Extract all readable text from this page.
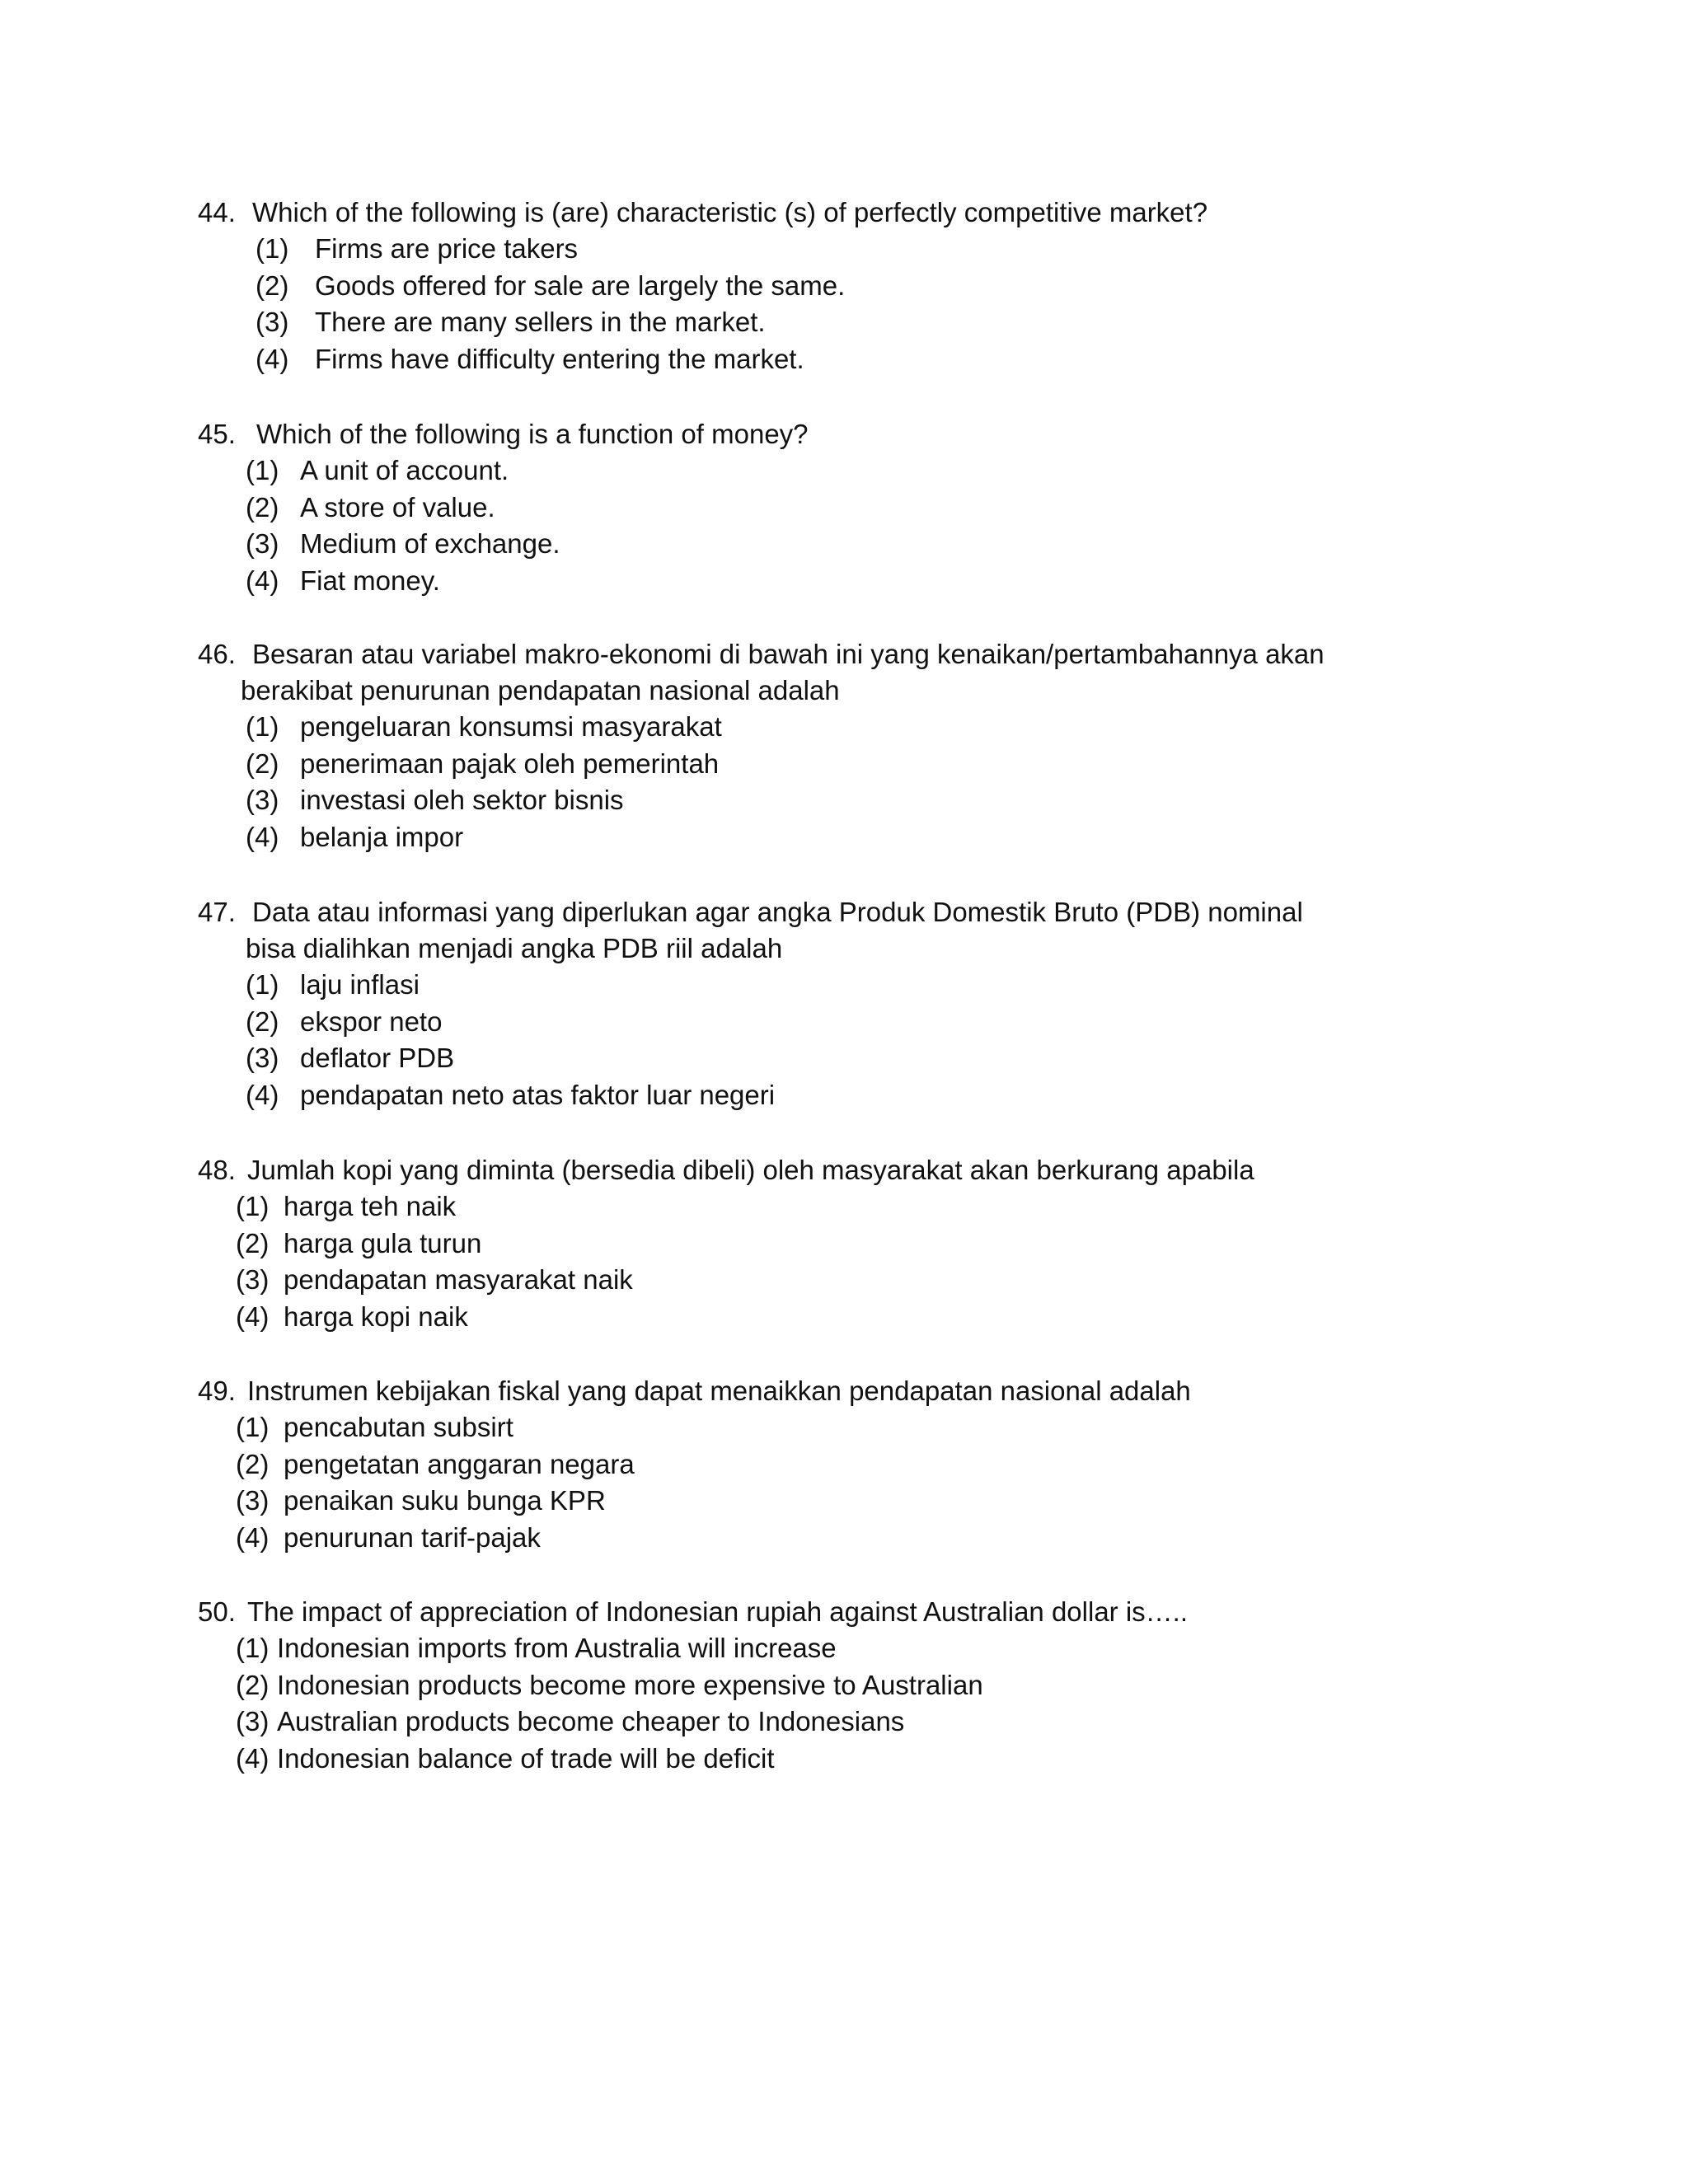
44. Which of the following is (are) characteristic (s) of perfectly competitive market?
(1) Firms are price takers
(2) Goods offered for sale are largely the same.
(3) There are many sellers in the market.
(4) Firms have difficulty entering the market.
45. Which of the following is a function of money?
(1) A unit of account.
(2) A store of value.
(3) Medium of exchange.
(4) Fiat money.
46. Besaran atau variabel makro-ekonomi di bawah ini yang kenaikan/pertambahannya akan
berakibat penurunan pendapatan nasional adalah
(1) pengeluaran konsumsi masyarakat
(2) penerimaan pajak oleh pemerintah
(3) investasi oleh sektor bisnis
(4) belanja impor
47. Data atau informasi yang diperlukan agar angka Produk Domestik Bruto (PDB) nominal
bisa dialihkan menjadi angka PDB riil adalah
(1) laju inflasi
(2) ekspor neto
(3) deflator PDB
(4) pendapatan neto atas faktor luar negeri
48. Jumlah kopi yang diminta (bersedia dibeli) oleh masyarakat akan berkurang apabila
(1) harga teh naik
(2) harga gula turun
(3) pendapatan masyarakat naik
(4) harga kopi naik
49. Instrumen kebijakan fiskal yang dapat menaikkan pendapatan nasional adalah
(1) pencabutan subsirt
(2) pengetatan anggaran negara
(3) penaikan suku bunga KPR
(4) penurunan tarif-pajak
50. The impact of appreciation of Indonesian rupiah against Australian dollar is…..
(1) Indonesian imports from Australia will increase
(2) Indonesian products become more expensive to Australian
(3) Australian products become cheaper to Indonesians
(4) Indonesian balance of trade will be deficit
